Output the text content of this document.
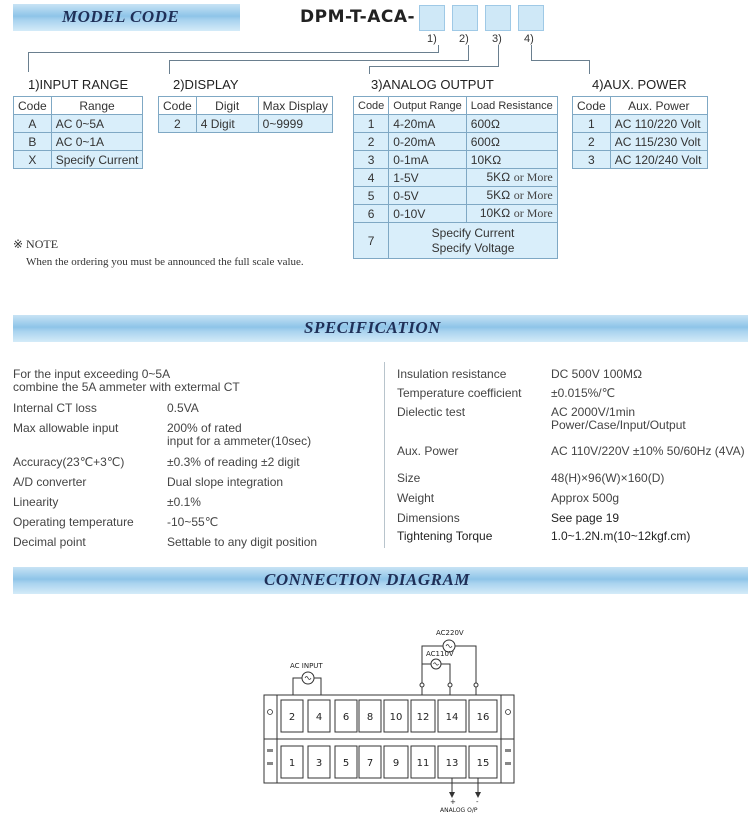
MODEL CODE	DPM-T-ACA-
1) 2) 3) 4)
1)INPUT RANGE	2)DISPLAY	3)ANALOG OUTPUT	4)AUX. POWER
Code	Range
A	AC 0~5A
B	AC 0~1A
X	Specify Current
Code	Digit	Max Display
2	4 Digit	0~9999
Code	Output Range	Load Resistance
1	4-20mA	600Ω
2	0-20mA	600Ω
3	0-1mA	10KΩ
4	1-5V	5KΩ or More
5	0-5V	5KΩ or More
6	0-10V	10KΩ or More
7	Specify Current
Specify Voltage	
Code	Aux. Power
1	AC 110/220 Volt
2	AC 115/230 Volt
3	AC 120/240 Volt
※ NOTE
When the ordering you must be announced the full scale value.
SPECIFICATION
For the input exceeding 0~5A
combine the 5A ammeter with extermal CT
Internal CT loss	0.5VA
Max allowable input	200% of rated
input for a ammeter(10sec)
Accuracy(23℃+3℃)	±0.3% of reading ±2 digit
A/D converter	Dual slope integration
Linearity	±0.1%
Operating temperature	-10~55℃
Decimal point	Settable to any digit position
Insulation resistance	DC 500V 100MΩ
Temperature coefficient ±0.015%/℃
Dielectic test	AC 2000V/1min
Power/Case/Input/Output
Aux. Power	AC 110V/220V ±10% 50/60Hz (4VA)
Size	48(H)×96(W)×160(D)
Weight	Approx 500g
Dimensions	See page 19
Tightening Torque	1.0~1.2N.m(10~12kgf.cm)
CONNECTION DIAGRAM
AC220V
AC110V
AC INPUT
2 4 6 8 10 12 14 16
1 3 5 7 9 11 13 15
+	-
ANALOG O/P
